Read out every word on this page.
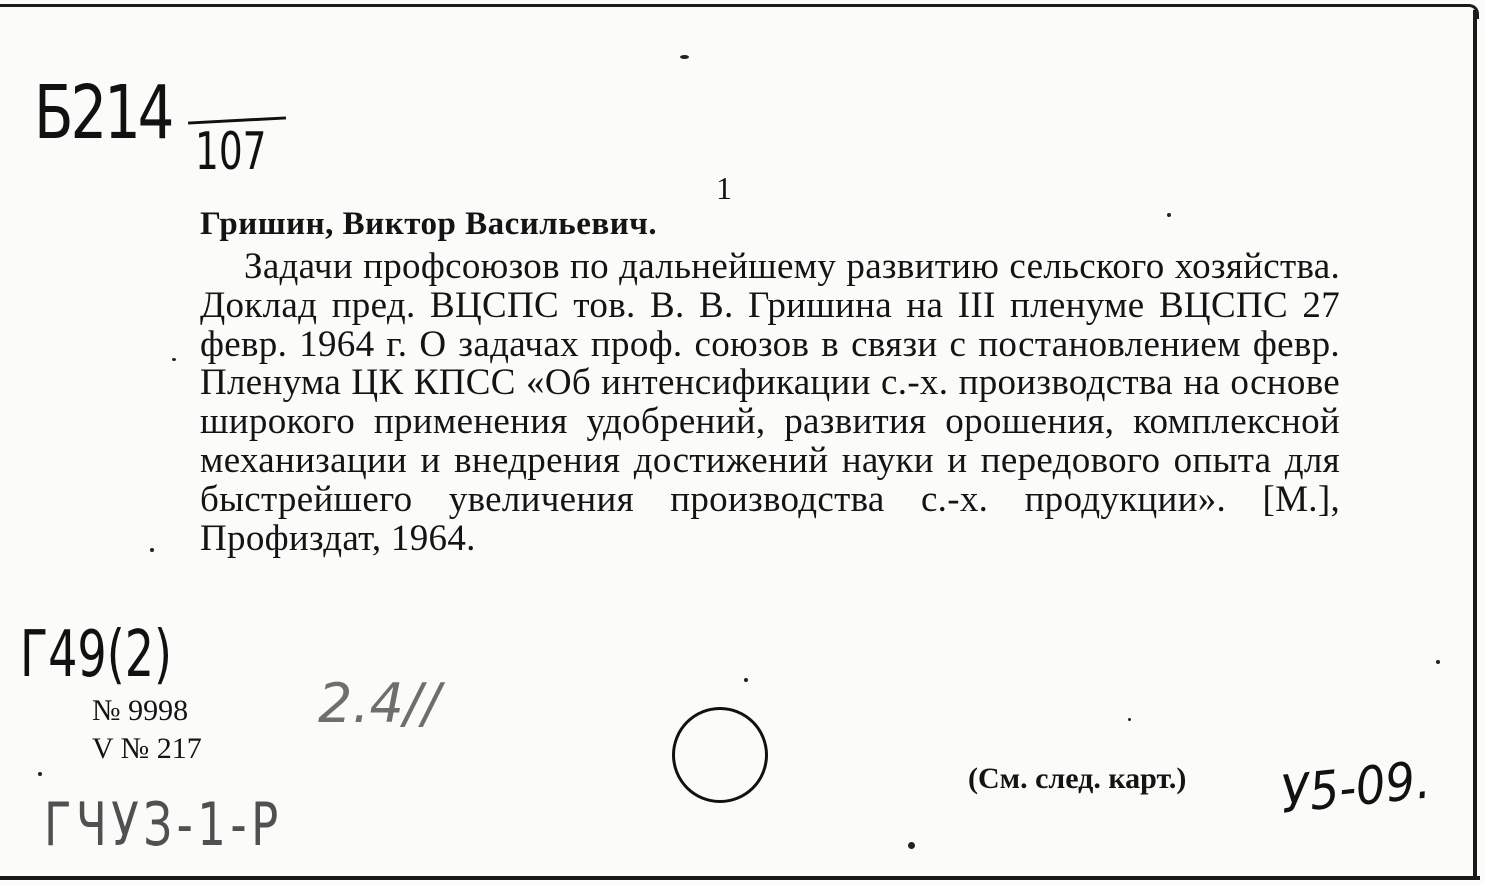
Б214 107
1
Гришин, Виктор Васильевич.
Задачи профсоюзов по дальнейшему развитию сельского хозяйства. Доклад пред. ВЦСПС тов. В. В. Гришина на III пленуме ВЦСПС 27 февр. 1964 г. О задачах проф. союзов в связи с постановлением февр. Пленума ЦК КПСС «Об интенсификации с.-х. производства на основе широкого применения удобрений, развития орошения, комплексной механизации и внедрения достижений науки и передового опыта для быстрейшего увеличения производства с.-х. продукции». [М.], Профиздат, 1964.
Г49(2)
№ 9998
V № 217
2.4//
ГЧУЗ-1-Р
(См. след. карт.) У5-09.
